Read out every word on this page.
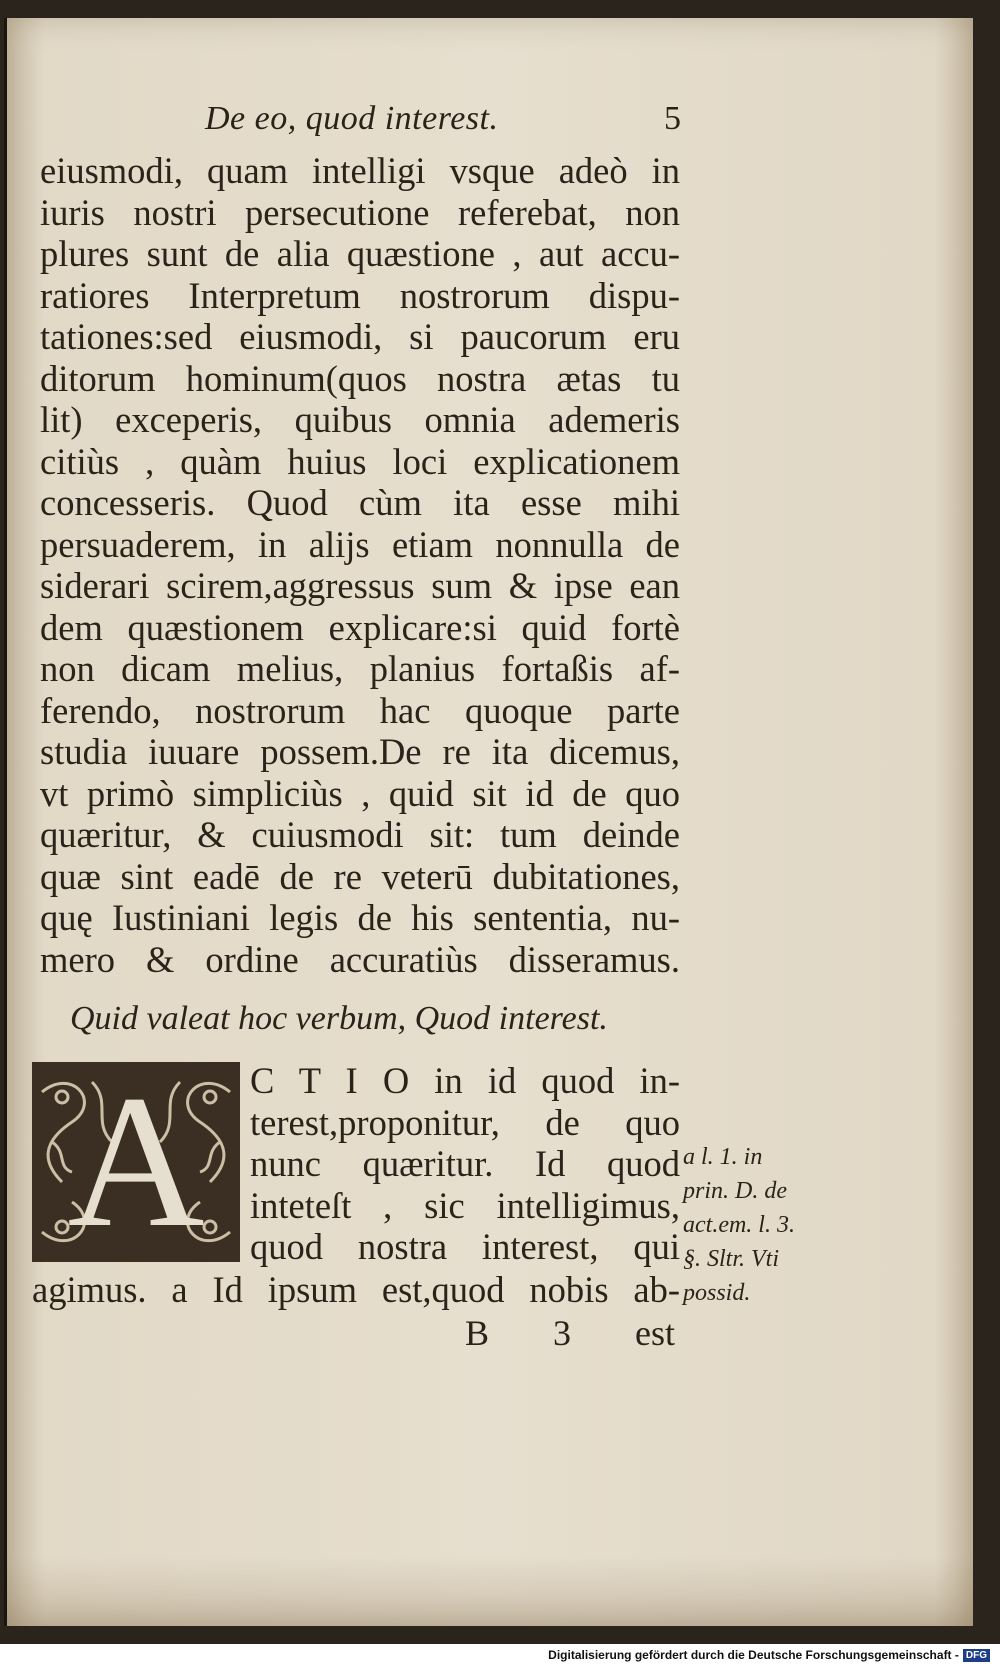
De eo, quod interest.	5
eiusmodi, quam intelligi vsque adeò in
iuris nostri persecutione referebat, non
plures sunt de alia quæstione , aut accu-
ratiores Interpretum nostrorum dispu-
tationes:sed eiusmodi, si paucorum eru
ditorum hominum(quos nostra ætas tu
lit) exceperis, quibus omnia ademeris
citiùs , quàm huius loci explicationem
concesseris. Quod cùm ita esse mihi
persuaderem, in alijs etiam nonnulla de
siderari scirem,aggressus sum & ipse ean
dem quæstionem explicare:si quid fortè
non dicam melius, planius fortaßis af-
ferendo, nostrorum hac quoque parte
studia iuuare possem.De re ita dicemus,
vt primò simpliciùs , quid sit id de quo
quæritur, & cuiusmodi sit: tum deinde
quæ sint eadē de re veterū dubitationes,
quę Iustiniani legis de his sententia, nu-
mero & ordine accuratiùs disseramus.
Quid valeat hoc verbum, Quod interest.
A	C T I O in id quod in-
terest,proponitur, de quo
nunc quæritur. Id quod
inteteſt , sic intelligimus,
quod nostra interest, qui
agimus. a Id ipsum est,quod nobis ab-
a l. 1. in
prin. D. de
act.em. l. 3.
§. Sltr. Vti
possid.
B 3 est
Digitalisierung gefördert durch die Deutsche Forschungsgemeinschaft - DFG
